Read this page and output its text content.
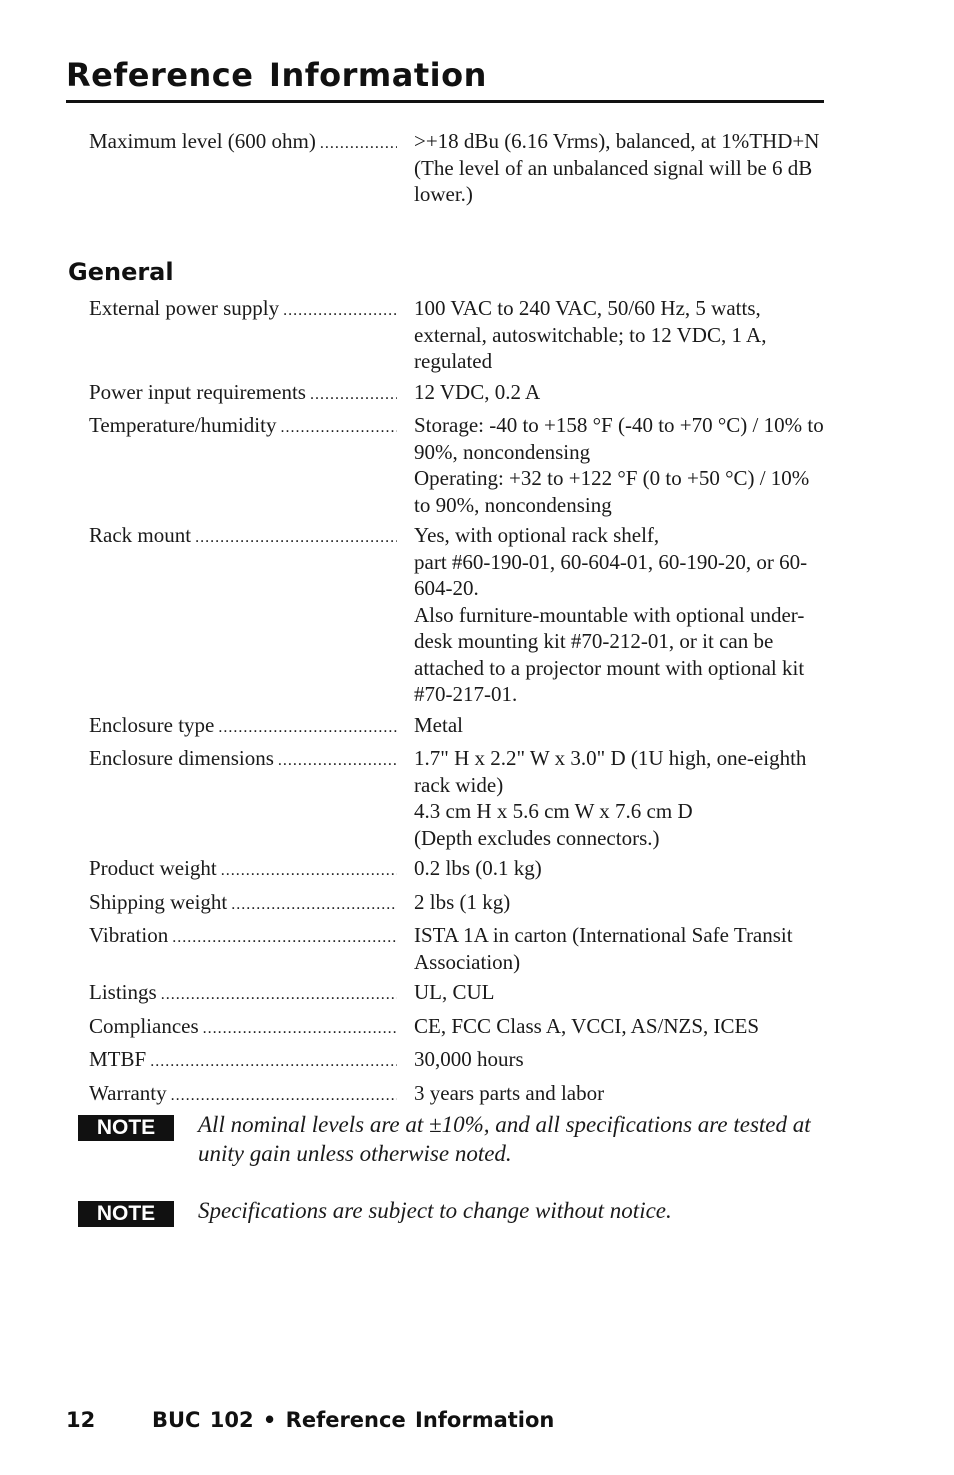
Reference Information
Maximum level (600 ohm) .....	>+18 dBu (6.16 Vrms), balanced, at 1%THD+N
(The level of an unbalanced signal will be 6 dB lower.)
General
External power supply .....	100 VAC to 240 VAC, 50/60 Hz, 5 watts, external, autoswitchable; to 12 VDC, 1 A, regulated
Power input requirements .....	12 VDC, 0.2 A
Temperature/humidity .....	Storage: -40 to +158 °F (-40 to +70 °C) / 10% to 90%, noncondensing
Operating: +32 to +122 °F (0 to +50 °C) / 10% to 90%, noncondensing
Rack mount .....	Yes, with optional rack shelf,
part #60-190-01, 60-604-01, 60-190-20, or 60-604-20.
Also furniture-mountable with optional under-desk mounting kit #70-212-01, or it can be attached to a projector mount with optional kit #70-217-01.
Enclosure type .....	Metal
Enclosure dimensions .....	1.7" H x 2.2" W x 3.0" D (1U high, one-eighth rack wide)
4.3 cm H x 5.6 cm W x 7.6 cm D
(Depth excludes connectors.)
Product weight .....	0.2 lbs (0.1 kg)
Shipping weight .....	2 lbs (1 kg)
Vibration .....	ISTA 1A in carton (International Safe Transit Association)
Listings .....	UL, CUL
Compliances .....	CE, FCC Class A, VCCI, AS/NZS, ICES
MTBF .....	30,000 hours
Warranty .....	3 years parts and labor
NOTE	All nominal levels are at ±10%, and all specifications are tested at unity gain unless otherwise noted.
NOTE	Specifications are subject to change without notice.
12	BUC 102 • Reference Information
